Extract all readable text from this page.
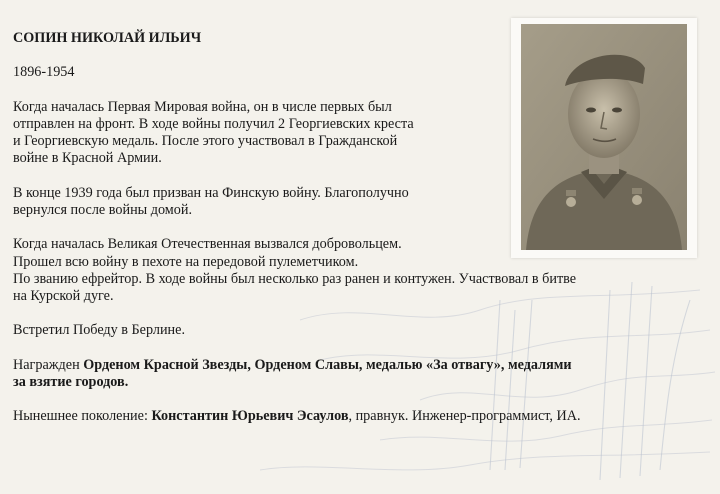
СОПИН НИКОЛАЙ ИЛЬИЧ

1896-1954

Когда началась Первая Мировая война, он в числе первых был

отправлен на фронт. В ходе войны получил 2 Георгиевских креста

и Георгиевскую медаль. После этого участвовал в Гражданской

войне в Красной Армии.

В конце 1939 года был призван на Финскую войну. Благополучно

вернулся после войны домой.

Когда началась Великая Отечественная вызвался добровольцем.

Прошел всю войну в пехоте на передовой пулеметчиком.

По званию ефрейтор. В ходе войны был несколько раз ранен и контужен. Участвовал в битве

на Курской дуге.

Встретил Победу в Берлине.

Награжден Орденом Красной Звезды, Орденом Славы, медалью «За отвагу», медалями

за взятие городов.

Нынешнее поколение: Константин Юрьевич Эсаулов, правнук. Инженер-программист, ИА.
